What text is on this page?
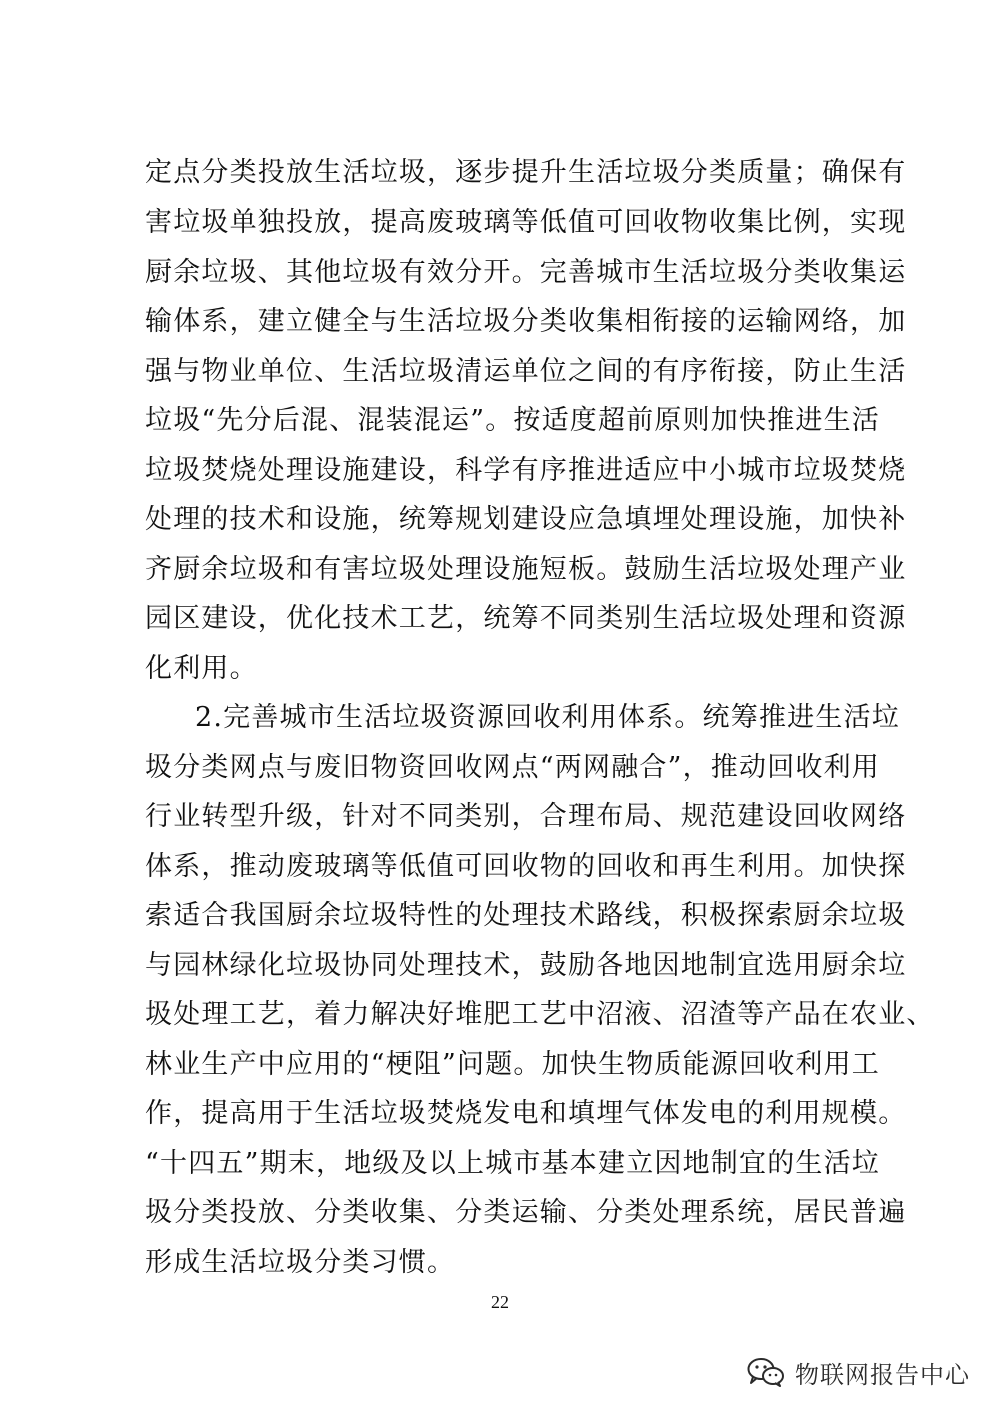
定点分类投放生活垃圾，逐步提升生活垃圾分类质量；确保有
害垃圾单独投放，提高废玻璃等低值可回收物收集比例，实现
厨余垃圾、其他垃圾有效分开。完善城市生活垃圾分类收集运
输体系，建立健全与生活垃圾分类收集相衔接的运输网络，加
强与物业单位、生活垃圾清运单位之间的有序衔接，防止生活
垃圾“先分后混、混装混运”。按适度超前原则加快推进生活
垃圾焚烧处理设施建设，科学有序推进适应中小城市垃圾焚烧
处理的技术和设施，统筹规划建设应急填埋处理设施，加快补
齐厨余垃圾和有害垃圾处理设施短板。鼓励生活垃圾处理产业
园区建设，优化技术工艺，统筹不同类别生活垃圾处理和资源
化利用。
2.完善城市生活垃圾资源回收利用体系。统筹推进生活垃
圾分类网点与废旧物资回收网点“两网融合”，推动回收利用
行业转型升级，针对不同类别，合理布局、规范建设回收网络
体系，推动废玻璃等低值可回收物的回收和再生利用。加快探
索适合我国厨余垃圾特性的处理技术路线，积极探索厨余垃圾
与园林绿化垃圾协同处理技术，鼓励各地因地制宜选用厨余垃
圾处理工艺，着力解决好堆肥工艺中沼液、沼渣等产品在农业、
林业生产中应用的“梗阻”问题。加快生物质能源回收利用工
作，提高用于生活垃圾焚烧发电和填埋气体发电的利用规模。
“十四五”期末，地级及以上城市基本建立因地制宜的生活垃
圾分类投放、分类收集、分类运输、分类处理系统，居民普遍
形成生活垃圾分类习惯。
22
物联网报告中心
